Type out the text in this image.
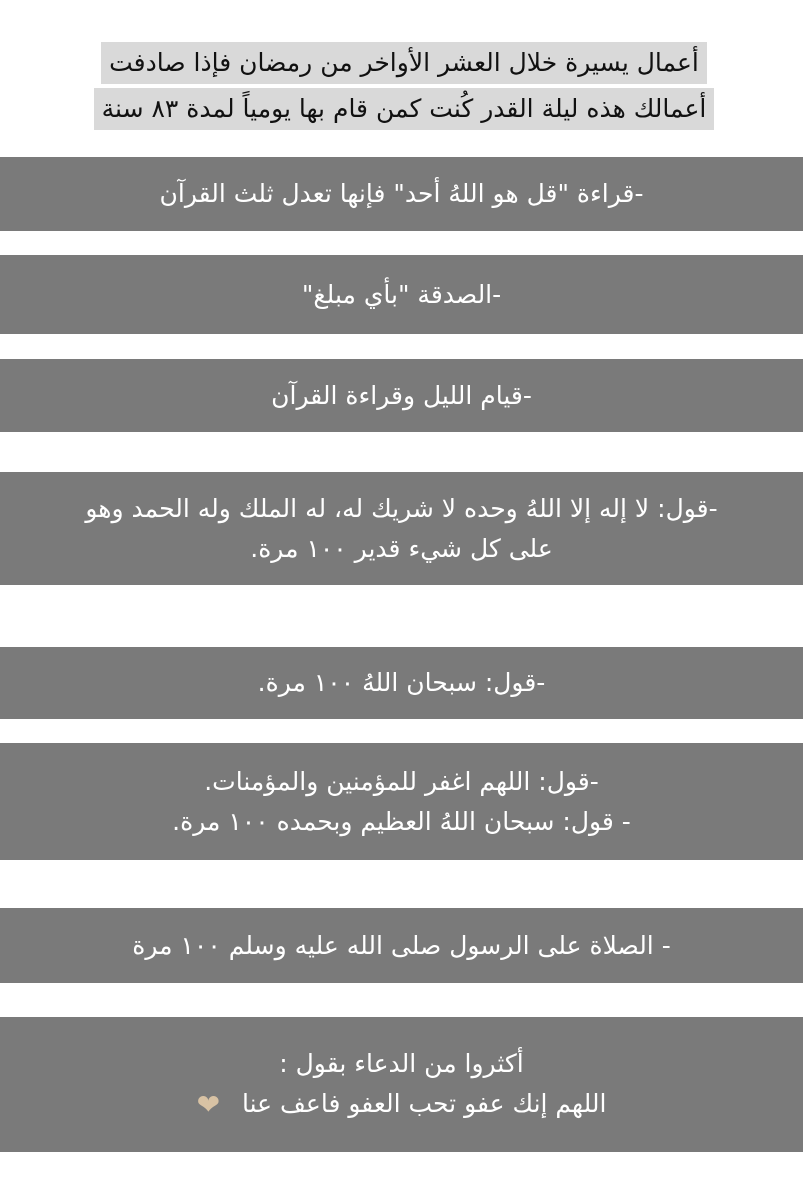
أعمال يسيرة خلال العشر الأواخر من رمضان فإذا صادفت
أعمالك هذه ليلة القدر كُنت كمن قام بها يومياً لمدة ٨٣ سنة
-قراءة "قل هو اللهُ أحد" فإنها تعدل ثلث القرآن
-الصدقة "بأي مبلغ"
-قيام الليل وقراءة القرآن
-قول: لا إله إلا اللهُ وحده لا شريك له، له الملك وله الحمد وهو
على كل شيء قدير ١٠٠ مرة.
-قول: سبحان اللهُ ١٠٠ مرة.
-قول: اللهم اغفر للمؤمنين والمؤمنات.
- قول: سبحان اللهُ العظيم وبحمده ١٠٠ مرة.
- الصلاة على الرسول صلى الله عليه وسلم ١٠٠ مرة
أكثروا من الدعاء بقول :
اللهم إنك عفو تحب العفو فاعف عنا ❤
